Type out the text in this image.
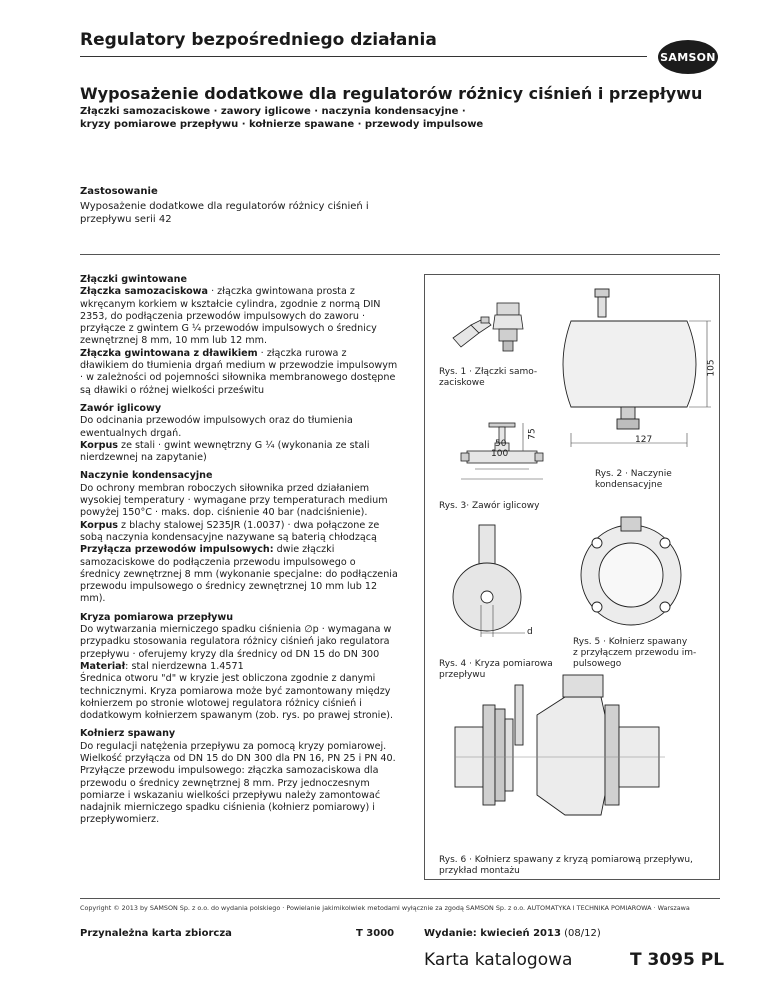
Regulatory bezpośredniego działania
SAMSON
Wyposażenie dodatkowe dla regulatorów różnicy ciśnień i przepływu
Złączki samozaciskowe · zawory iglicowe · naczynia kondensacyjne ·
kryzy pomiarowe przepływu · kołnierze spawane · przewody impulsowe
Zastosowanie
Wyposażenie dodatkowe dla regulatorów różnicy ciśnień i przepływu serii 42

Złączki gwintowane

Złączka samozaciskowa · złączka gwintowana prosta z wkręcanym korkiem w kształcie cylindra, zgodnie z normą DIN 2353, do podłączenia przewodów impulsowych do zaworu · przyłącze z gwintem G ¼ przewodów impulsowych o średnicy zewnętrznej 8 mm, 10 mm lub 12 mm.

Złączka gwintowana z dławikiem · złączka rurowa z dławikiem do tłumienia drgań medium w przewodzie impulsowym · w zależności od pojemności siłownika membranowego dostępne są dławiki o różnej wielkości prześwitu

Zawór iglicowy

Do odcinania przewodów impulsowych oraz do tłumienia ewentualnych drgań.

Korpus ze stali · gwint wewnętrzny G ¼ (wykonania ze stali nierdzewnej na zapytanie)

Naczynie kondensacyjne

Do ochrony membran roboczych siłownika przed działaniem wysokiej temperatury · wymagane przy temperaturach medium powyżej 150°C · maks. dop. ciśnienie 40 bar (nadciśnienie).

Korpus z blachy stalowej S235JR (1.0037) · dwa połączone ze sobą naczynia kondensacyjne nazywane są baterią chłodzącą

Przyłącza przewodów impulsowych: dwie złączki samozaciskowe do podłączenia przewodu impulsowego o średnicy zewnętrznej 8 mm (wykonanie specjalne: do podłączenia przewodu impulsowego o średnicy zewnętrznej 10 mm lub 12 mm).

Kryza pomiarowa przepływu

Do wytwarzania mierniczego spadku ciśnienia ∅p · wymagana w przypadku stosowania regulatora różnicy ciśnień jako regulatora przepływu · oferujemy kryzy dla średnicy od DN 15 do DN 300

Materiał: stal nierdzewna 1.4571

Średnica otworu "d" w kryzie jest obliczona zgodnie z danymi technicznymi. Kryza pomiarowa może być zamontowany między kołnierzem po stronie wlotowej regulatora różnicy ciśnień i dodatkowym kołnierzem spawanym (zob. rys. po prawej stronie).

Kołnierz spawany

Do regulacji natężenia przepływu za pomocą kryzy pomiarowej. Wielkość przyłącza od DN 15 do DN 300 dla PN 16, PN 25 i PN 40. Przyłącze przewodu impulsowego: złączka samozaciskowa dla przewodu o średnicy zewnętrznej 8 mm. Przy jednoczesnym pomiarze i wskazaniu wielkości przepływu należy zamontować nadajnik mierniczego spadku ciśnienia (kołnierz pomiarowy) i przepływomierz.

Rys. 1 · Złączki samo-
zaciskowe
105
127
Rys. 2 · Naczynie kondensacyjne
75
50
100
Rys. 3· Zawór iglicowy
d
Rys. 4 · Kryza pomiarowa
przepływu
Rys. 5 · Kołnierz spawany
z przyłączem przewodu im-
pulsowego
Rys. 6 · Kołnierz spawany z kryzą pomiarową przepływu,
przykład montażu
Copyright © 2013 by SAMSON Sp. z o.o. do wydania polskiego · Powielanie jakimikolwiek metodami wyłącznie za zgodą SAMSON Sp. z o.o. AUTOMATYKA I TECHNIKA POMIAROWA · Warszawa
Przynależna karta zbiorcza	T 3000	Wydanie: kwiecień 2013 (08/12)
Karta katalogowa	T 3095 PL
